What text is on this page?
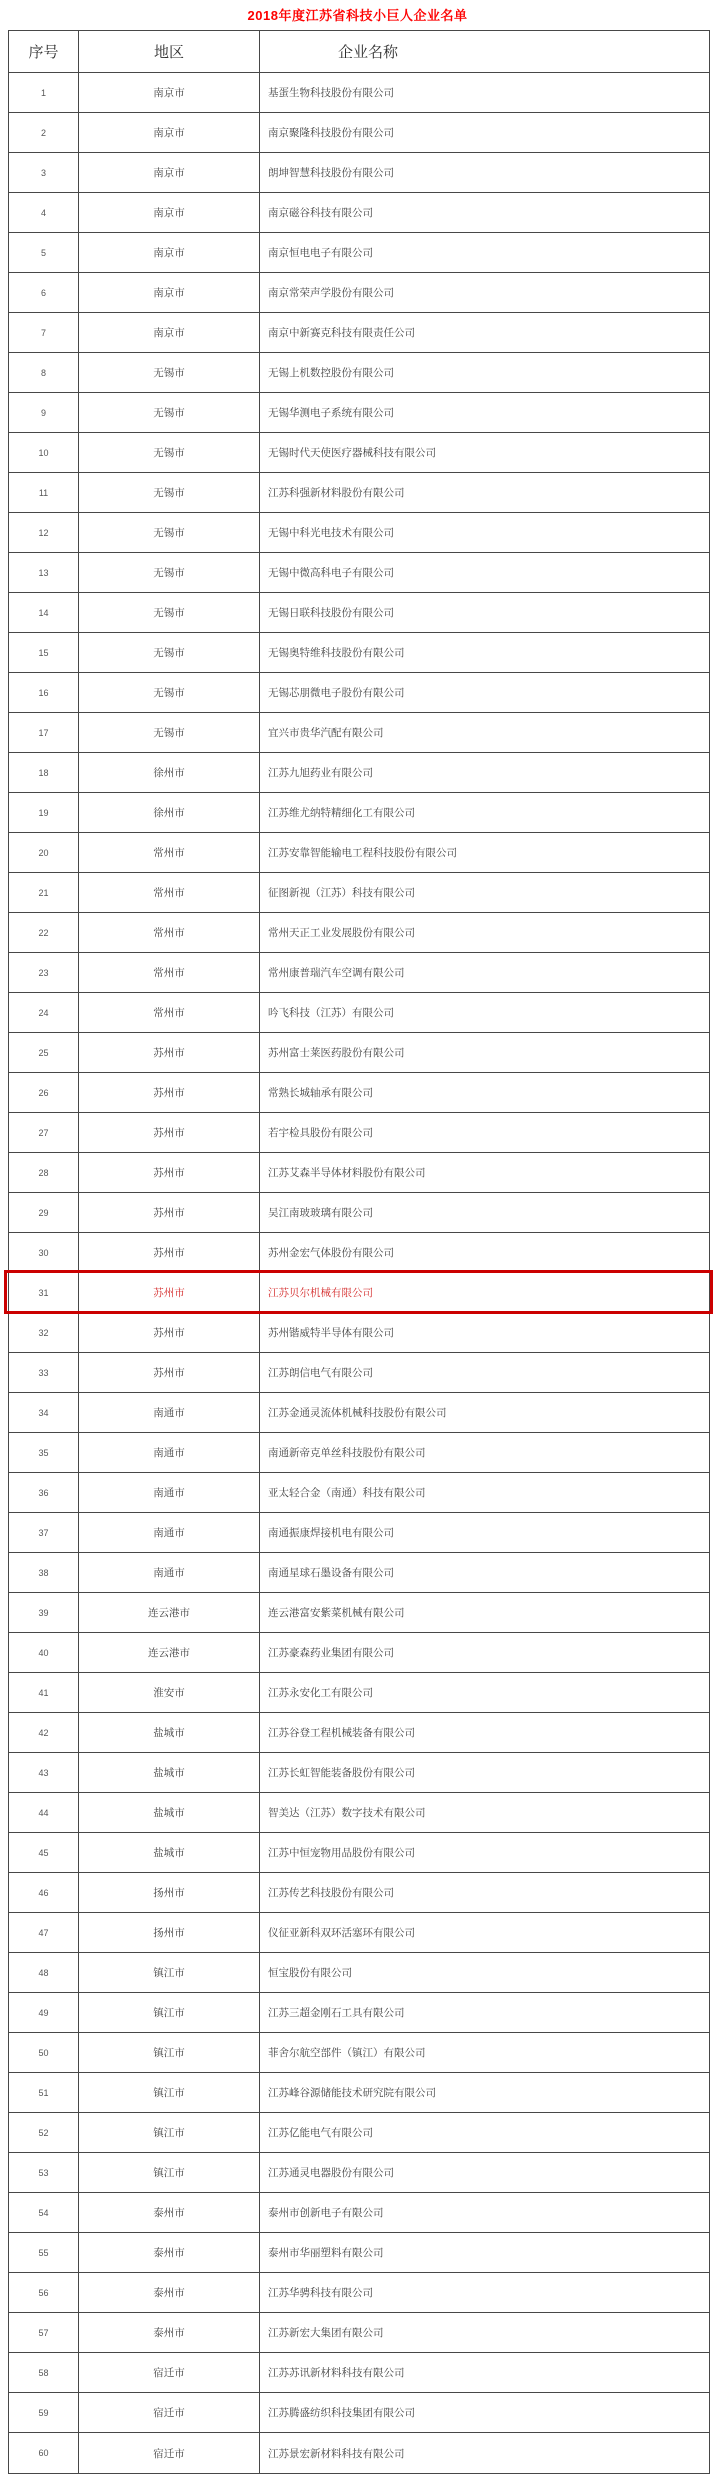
2018年度江苏省科技小巨人企业名单
序号	地区	企业名称
1	南京市	基蛋生物科技股份有限公司
2	南京市	南京聚隆科技股份有限公司
3	南京市	朗坤智慧科技股份有限公司
4	南京市	南京磁谷科技有限公司
5	南京市	南京恒电电子有限公司
6	南京市	南京常荣声学股份有限公司
7	南京市	南京中新赛克科技有限责任公司
8	无锡市	无锡上机数控股份有限公司
9	无锡市	无锡华测电子系统有限公司
10	无锡市	无锡时代天使医疗器械科技有限公司
11	无锡市	江苏科强新材料股份有限公司
12	无锡市	无锡中科光电技术有限公司
13	无锡市	无锡中微高科电子有限公司
14	无锡市	无锡日联科技股份有限公司
15	无锡市	无锡奥特维科技股份有限公司
16	无锡市	无锡芯朋微电子股份有限公司
17	无锡市	宜兴市贵华汽配有限公司
18	徐州市	江苏九旭药业有限公司
19	徐州市	江苏维尤纳特精细化工有限公司
20	常州市	江苏安靠智能输电工程科技股份有限公司
21	常州市	征图新视（江苏）科技有限公司
22	常州市	常州天正工业发展股份有限公司
23	常州市	常州康普瑞汽车空调有限公司
24	常州市	吟飞科技（江苏）有限公司
25	苏州市	苏州富士莱医药股份有限公司
26	苏州市	常熟长城轴承有限公司
27	苏州市	若宇检具股份有限公司
28	苏州市	江苏艾森半导体材料股份有限公司
29	苏州市	吴江南玻玻璃有限公司
30	苏州市	苏州金宏气体股份有限公司
31	苏州市	江苏贝尔机械有限公司
32	苏州市	苏州锴威特半导体有限公司
33	苏州市	江苏朗信电气有限公司
34	南通市	江苏金通灵流体机械科技股份有限公司
35	南通市	南通新帝克单丝科技股份有限公司
36	南通市	亚太轻合金（南通）科技有限公司
37	南通市	南通振康焊接机电有限公司
38	南通市	南通星球石墨设备有限公司
39	连云港市	连云港富安紫菜机械有限公司
40	连云港市	江苏豪森药业集团有限公司
41	淮安市	江苏永安化工有限公司
42	盐城市	江苏谷登工程机械装备有限公司
43	盐城市	江苏长虹智能装备股份有限公司
44	盐城市	智美达（江苏）数字技术有限公司
45	盐城市	江苏中恒宠物用品股份有限公司
46	扬州市	江苏传艺科技股份有限公司
47	扬州市	仪征亚新科双环活塞环有限公司
48	镇江市	恒宝股份有限公司
49	镇江市	江苏三超金刚石工具有限公司
50	镇江市	菲舍尔航空部件（镇江）有限公司
51	镇江市	江苏峰谷源储能技术研究院有限公司
52	镇江市	江苏亿能电气有限公司
53	镇江市	江苏通灵电器股份有限公司
54	泰州市	泰州市创新电子有限公司
55	泰州市	泰州市华丽塑料有限公司
56	泰州市	江苏华骋科技有限公司
57	泰州市	江苏新宏大集团有限公司
58	宿迁市	江苏苏讯新材料科技有限公司
59	宿迁市	江苏腾盛纺织科技集团有限公司
60	宿迁市	江苏景宏新材料科技有限公司
